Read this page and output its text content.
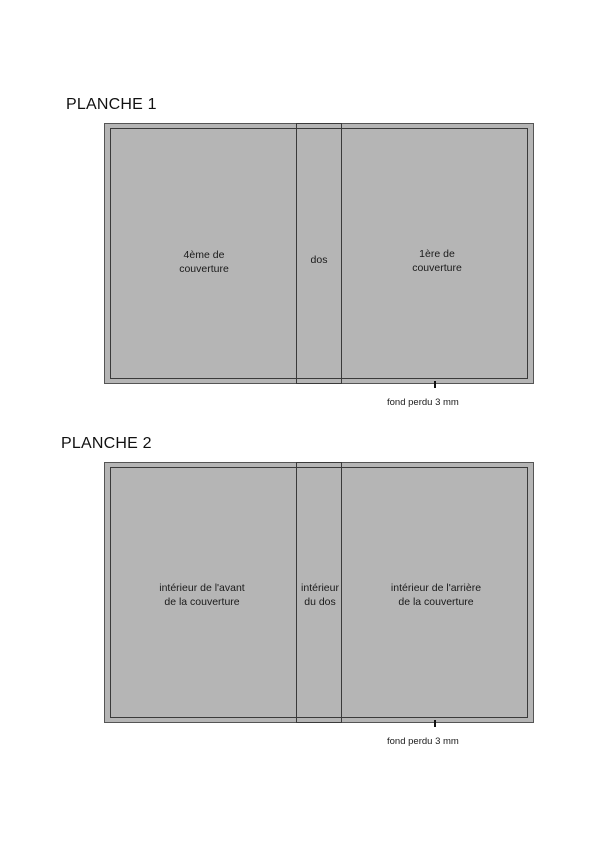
PLANCHE 1
4ème de
couverture
dos	1ère de
couverture
fond perdu 3 mm
PLANCHE 2
intérieur de l'avant
de la couverture
intérieur
du dos
intérieur de l'arrière
de la couverture
fond perdu 3 mm
